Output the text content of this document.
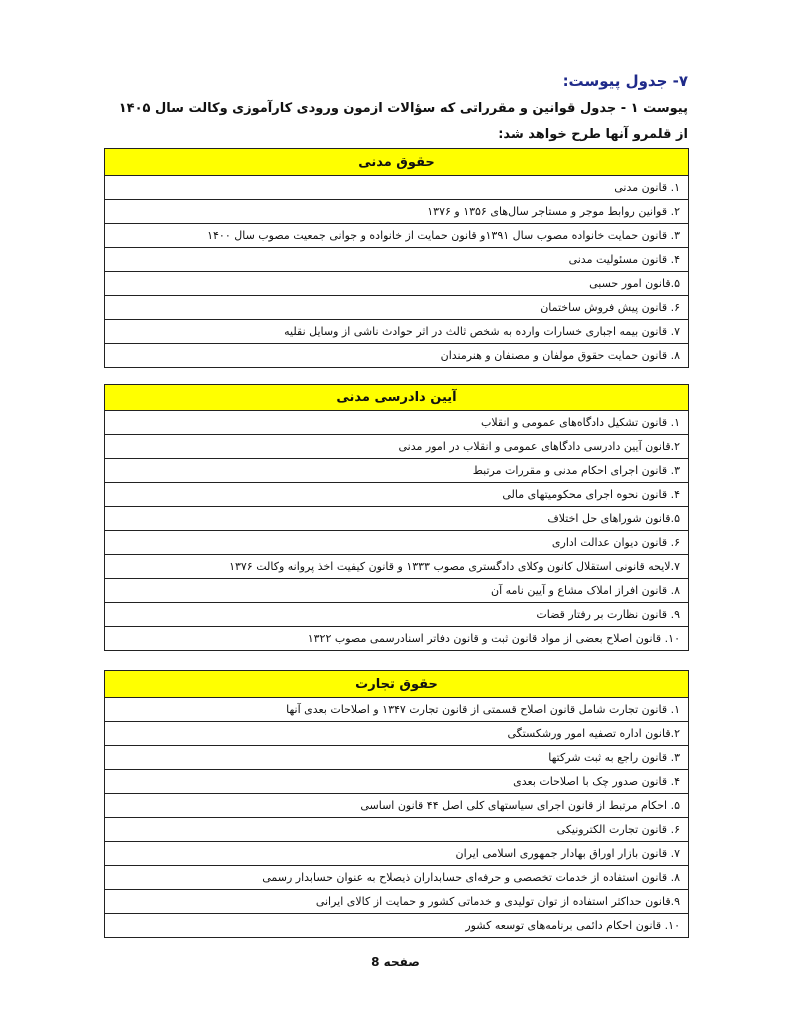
۷- جدول پیوست:
پیوست ۱ - جدول قوانین و مقرراتی که سؤالات ازمون ورودی کارآموزی وکالت سال ۱۴۰۵ از قلمرو آنها طرح خواهد شد:
حقوق مدنی
۱. قانون مدنی
۲. قوانین روابط موجر و مستاجر سال‌های ۱۳۵۶ و ۱۳۷۶
۳. قانون حمایت خانواده مصوب سال ۱۳۹۱و قانون حمایت از خانواده و جوانی جمعیت مصوب سال ۱۴۰۰
۴. قانون مسئولیت مدنی
۵.قانون امور حسبی
۶. قانون پیش فروش ساختمان
۷. قانون بیمه اجباری خسارات وارده به شخص ثالث در اثر حوادث ناشی از وسایل نقلیه
۸. قانون حمایت حقوق مولفان و مصنفان و هنرمندان
آیین دادرسی مدنی
۱. قانون تشکیل دادگاه‌های عمومی و انقلاب
۲.قانون آیین دادرسی دادگاهای عمومی و انقلاب در امور مدنی
۳. قانون اجرای احکام مدنی و مقررات مرتبط
۴. قانون نحوه اجرای محکومیتهای مالی
۵.قانون شوراهای حل اختلاف
۶. قانون دیوان عدالت اداری
۷.لایحه قانونی استقلال کانون وکلای دادگستری مصوب ۱۳۳۳ و قانون کیفیت اخذ پروانه وکالت ۱۳۷۶
۸. قانون افراز املاک مشاع و آیین نامه آن
۹. قانون نظارت بر رفتار قضات
۱۰. قانون اصلاح بعضی از مواد قانون ثبت و قانون دفاتر اسنادرسمی مصوب ۱۳۲۲
حقوق تجارت
۱. قانون تجارت شامل قانون اصلاح قسمتی از قانون تجارت ۱۳۴۷ و اصلاحات بعدی آنها
۲.قانون اداره تصفیه امور ورشکستگی
۳. قانون راجع به ثبت شرکتها
۴. قانون صدور چک با اصلاحات بعدی
۵. احکام مرتبط از قانون اجرای سیاستهای کلی اصل ۴۴ قانون اساسی
۶. قانون تجارت الکترونیکی
۷. قانون بازار اوراق بهادار جمهوری اسلامی ایران
۸. قانون استفاده از خدمات تخصصی و حرفه‌ای حسابداران ذیصلاح به عنوان حسابدار رسمی
۹.قانون حداکثر استفاده از توان تولیدی و خدماتی کشور و حمایت از کالای ایرانی
۱۰. قانون احکام دائمی برنامه‌های توسعه کشور
صفحه 8
